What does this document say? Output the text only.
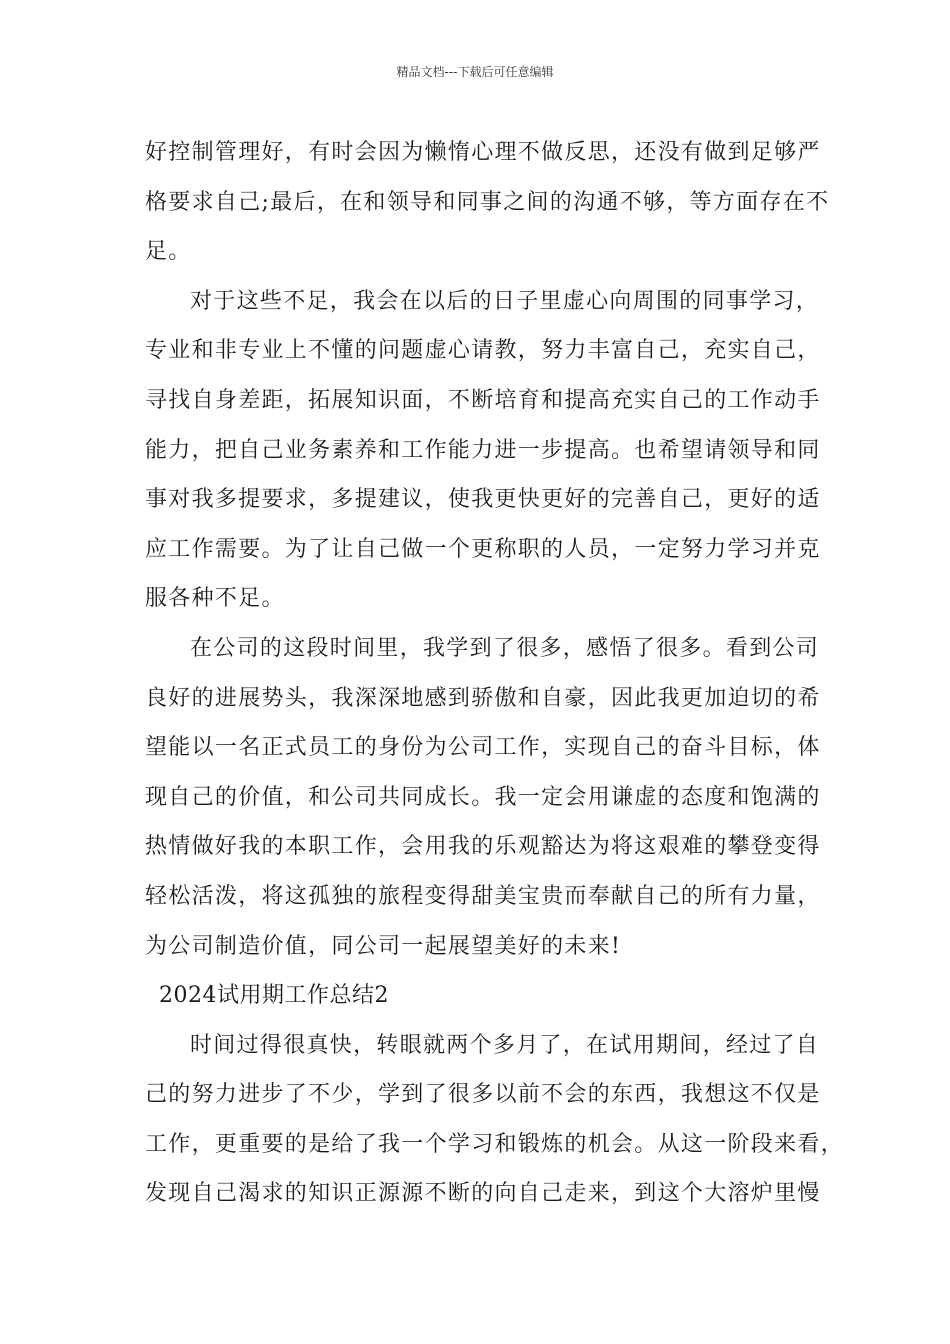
精品文档---下载后可任意编辑
好控制管理好，有时会因为懒惰心理不做反思，还没有做到足够严
格要求自己;最后，在和领导和同事之间的沟通不够，等方面存在不
足。
对于这些不足，我会在以后的日子里虚心向周围的同事学习，
专业和非专业上不懂的问题虚心请教，努力丰富自己，充实自己，
寻找自身差距，拓展知识面，不断培育和提高充实自己的工作动手
能力，把自己业务素养和工作能力进一步提高。也希望请领导和同
事对我多提要求，多提建议，使我更快更好的完善自己，更好的适
应工作需要。为了让自己做一个更称职的人员，一定努力学习并克
服各种不足。
在公司的这段时间里，我学到了很多，感悟了很多。看到公司
良好的进展势头，我深深地感到骄傲和自豪，因此我更加迫切的希
望能以一名正式员工的身份为公司工作，实现自己的奋斗目标，体
现自己的价值，和公司共同成长。我一定会用谦虚的态度和饱满的
热情做好我的本职工作，会用我的乐观豁达为将这艰难的攀登变得
轻松活泼，将这孤独的旅程变得甜美宝贵而奉献自己的所有力量，
为公司制造价值，同公司一起展望美好的未来!
2024试用期工作总结2
时间过得很真快，转眼就两个多月了，在试用期间，经过了自
己的努力进步了不少，学到了很多以前不会的东西，我想这不仅是
工作，更重要的是给了我一个学习和锻炼的机会。从这一阶段来看，
发现自己渴求的知识正源源不断的向自己走来，到这个大溶炉里慢
